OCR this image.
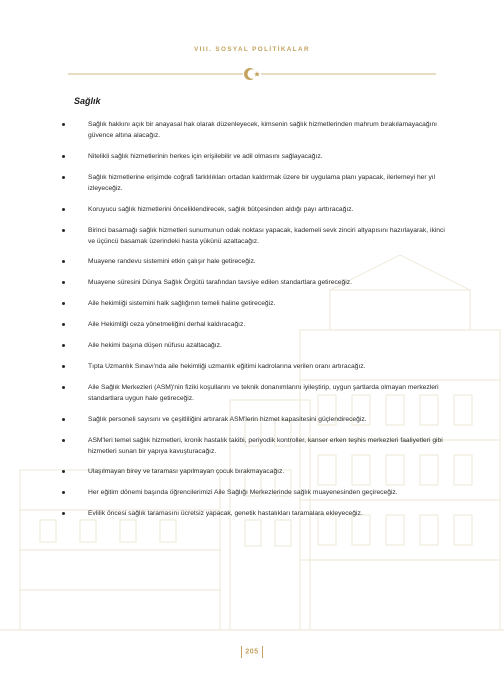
VIII. SOSYAL POLİTİKALAR
Sağlık
Sağlık hakkını açık bir anayasal hak olarak düzenleyecek, kimsenin sağlık hizmetlerinden mahrum bırakılamayacağını güvence altına alacağız.
Nitelikli sağlık hizmetlerinin herkes için erişilebilir ve adil olmasını sağlayacağız.
Sağlık hizmetlerine erişimde coğrafi farklılıkları ortadan kaldırmak üzere bir uygulama planı yapacak, ilerlemeyi her yıl izleyeceğiz.
Koruyucu sağlık hizmetlerini önceliklendirecek, sağlık bütçesinden aldığı payı arttıracağız.
Birinci basamağı sağlık hizmetleri sunumunun odak noktası yapacak, kademeli sevk zinciri altyapısını hazırlayarak, ikinci ve üçüncü basamak üzerindeki hasta yükünü azaltacağız.
Muayene randevu sistemini etkin çalışır hale getireceğiz.
Muayene süresini Dünya Sağlık Örgütü tarafından tavsiye edilen standartlara getireceğiz.
Aile hekimliği sistemini halk sağlığının temeli haline getireceğiz.
Aile Hekimliği ceza yönetmeliğini derhal kaldıracağız.
Aile hekimi başına düşen nüfusu azaltacağız.
Tıpta Uzmanlık Sınavı'nda aile hekimliği uzmanlık eğitimi kadrolarına verilen oranı artıracağız.
Aile Sağlık Merkezleri (ASM)'nin fiziki koşullarını ve teknik donanımlarını iyileştirip, uygun şartlarda olmayan merkezleri standartlara uygun hale getireceğiz.
Sağlık personeli sayısını ve çeşitliliğini artırarak ASM'lerin hizmet kapasitesini güçlendireceğiz.
ASM'leri temel sağlık hizmetleri, kronik hastalık takibi, periyodik kontroller, kanser erken teşhis merkezleri faaliyetleri gibi hizmetleri sunan bir yapıya kavuşturacağız.
Ulaşılmayan birey ve taraması yapılmayan çocuk bırakmayacağız.
Her eğitim dönemi başında öğrencilerimizi Aile Sağlığı Merkezlerinde sağlık muayenesinden geçireceğiz.
Evlilik öncesi sağlık taramasını ücretsiz yapacak, genetik hastalıkları taramalara ekleyeceğiz.
205
